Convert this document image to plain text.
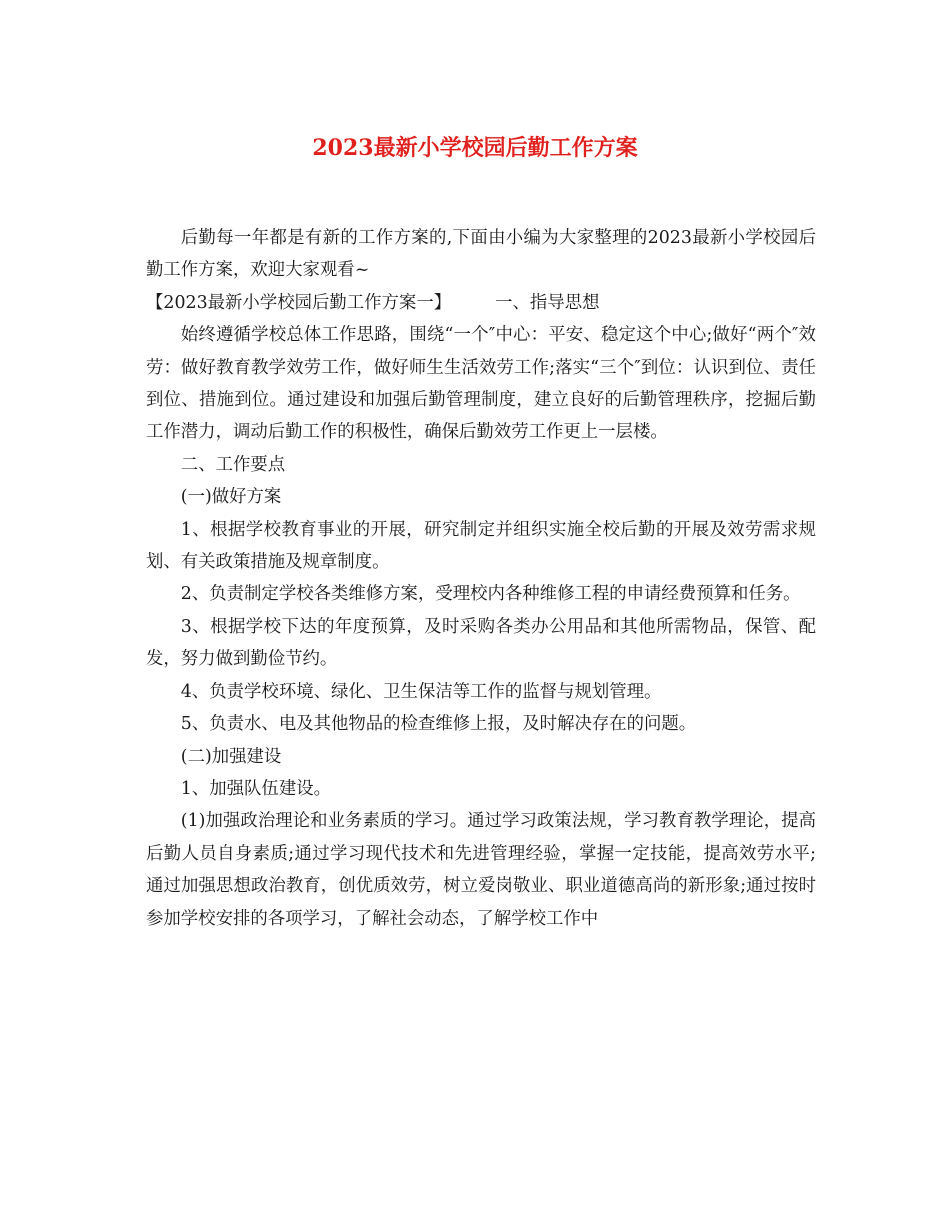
2023最新小学校园后勤工作方案

后勤每一年都是有新的工作方案的,下面由小编为大家整理的2023最新小学校园后勤工作方案，欢迎大家观看~

【2023最新小学校园后勤工作方案一】	一、指导思想

始终遵循学校总体工作思路，围绕“一个″中心：平安、稳定这个中心;做好“两个″效劳：做好教育教学效劳工作，做好师生生活效劳工作;落实“三个″到位：认识到位、责任到位、措施到位。通过建设和加强后勤管理制度，建立良好的后勤管理秩序，挖掘后勤工作潜力，调动后勤工作的积极性，确保后勤效劳工作更上一层楼。

二、工作要点

(一)做好方案

1、根据学校教育事业的开展，研究制定并组织实施全校后勤的开展及效劳需求规划、有关政策措施及规章制度。

2、负责制定学校各类维修方案，受理校内各种维修工程的申请经费预算和任务。

3、根据学校下达的年度预算，及时采购各类办公用品和其他所需物品，保管、配发，努力做到勤俭节约。

4、负责学校环境、绿化、卫生保洁等工作的监督与规划管理。

5、负责水、电及其他物品的检查维修上报，及时解决存在的问题。

(二)加强建设

1、加强队伍建设。

(1)加强政治理论和业务素质的学习。通过学习政策法规，学习教育教学理论，提高后勤人员自身素质;通过学习现代技术和先进管理经验，掌握一定技能，提高效劳水平;通过加强思想政治教育，创优质效劳，树立爱岗敬业、职业道德高尚的新形象;通过按时参加学校安排的各项学习，了解社会动态，了解学校工作中
